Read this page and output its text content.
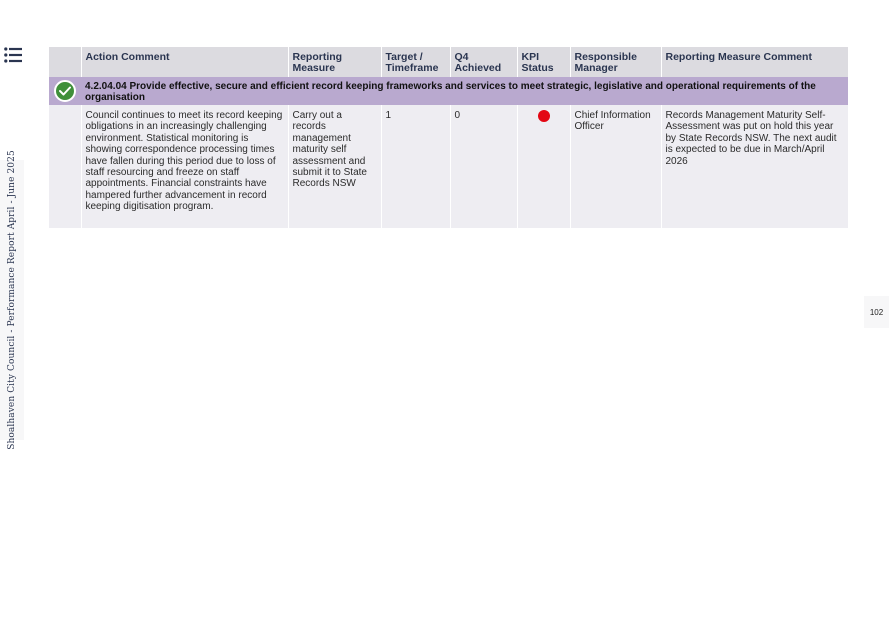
Shoalhaven City Council - Performance Report April - June 2025	102
	Action Comment	Reporting Measure	Target / Timeframe	Q4 Achieved	KPI Status	Responsible Manager	Reporting Measure Comment

	4.2.04.04 Provide effective, secure and efficient record keeping frameworks and services to meet strategic, legislative and operational requirements of the organisation						
	Council continues to meet its record keeping obligations in an increasingly challenging environment. Statistical monitoring is showing correspondence processing times have fallen during this period due to loss of staff resourcing and freeze on staff appointments. Financial constraints have hampered further advancement in record keeping digitisation program.	Carry out a records management maturity self assessment and submit it to State Records NSW	1	0		Chief Information Officer	Records Management Maturity Self-Assessment was put on hold this year by State Records NSW. The next audit is expected to be due in March/April 2026
